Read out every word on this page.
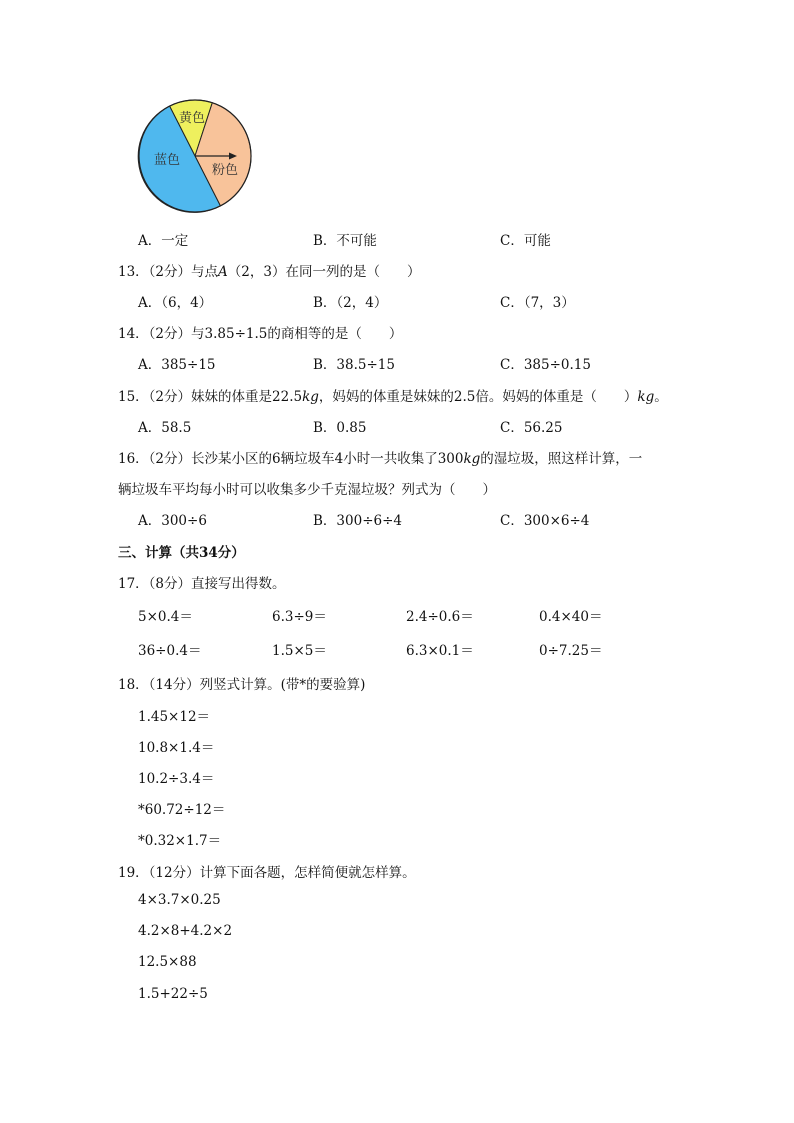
黄色
粉色
蓝色
A．一定	B．不可能	C．可能
13．（2分）与点A（2，3）在同一列的是（　　）
A．（6，4）	B．（2，4）	C．（7，3）
14．（2分）与3.85÷1.5的商相等的是（　　）
A．385÷15	B．38.5÷15	C．385÷0.15
15．（2分）妹妹的体重是22.5kg，妈妈的体重是妹妹的2.5倍。妈妈的体重是（　　）kg。
A．58.5	B．0.85	C．56.25
16．（2分）长沙某小区的6辆垃圾车4小时一共收集了300kg的湿垃圾，照这样计算，一
辆垃圾车平均每小时可以收集多少千克湿垃圾？列式为（　　）
A．300÷6	B．300÷6÷4	C．300×6÷4
三、计算（共34分）
17．（8分）直接写出得数。
5×0.4＝	6.3÷9＝	2.4÷0.6＝	0.4×40＝
36÷0.4＝	1.5×5＝	6.3×0.1＝	0÷7.25＝
18．（14分）列竖式计算。(带*的要验算)
1.45×12＝
10.8×1.4＝
10.2÷3.4＝
*60.72÷12＝
*0.32×1.7＝
19．（12分）计算下面各题，怎样简便就怎样算。
4×3.7×0.25
4.2×8+4.2×2
12.5×88
1.5+22÷5
